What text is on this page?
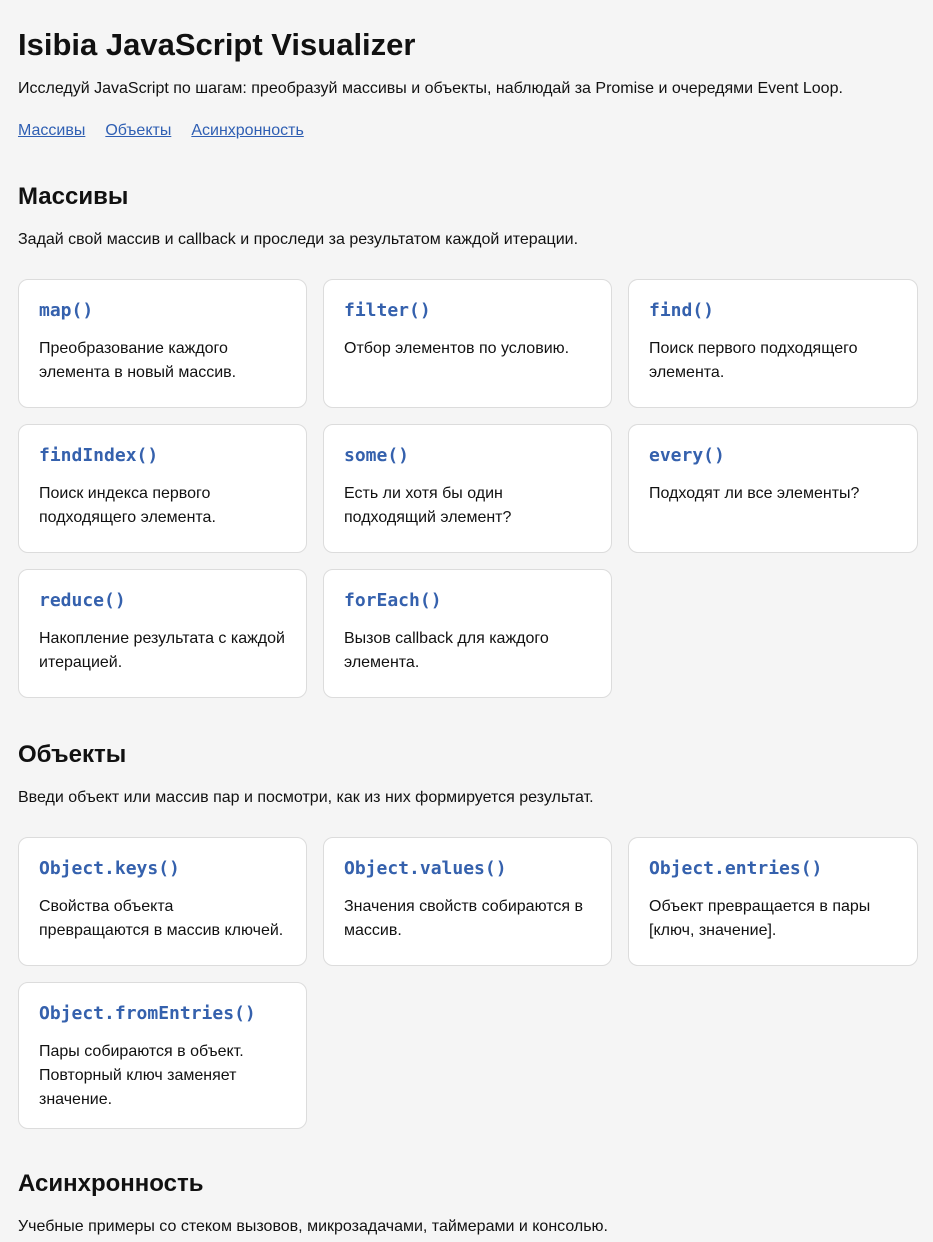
Isibia JavaScript Visualizer

Исследуй JavaScript по шагам: преобразуй массивы и объекты, наблюдай за Promise и очередями Event Loop.

Массивы Объекты Асинхронность
Массивы

Задай свой массив и callback и проследи за результатом каждой итерации.

map()
Преобразование каждого элемента в новый массив.
filter()
Отбор элементов по условию.
find()
Поиск первого подходящего элемента.
findIndex()
Поиск индекса первого подходящего элемента.
some()
Есть ли хотя бы один подходящий элемент?
every()
Подходят ли все элементы?
reduce()
Накопление результата с каждой итерацией.
forEach()
Вызов callback для каждого элемента.
Объекты

Введи объект или массив пар и посмотри, как из них формируется результат.

Object.keys()
Свойства объекта превращаются в массив ключей.
Object.values()
Значения свойств собираются в массив.
Object.entries()
Объект превращается в пары [ключ, значение].
Object.fromEntries()
Пары собираются в объект. Повторный ключ заменяет значение.
Асинхронность

Учебные примеры со стеком вызовов, микрозадачами, таймерами и консолью.
